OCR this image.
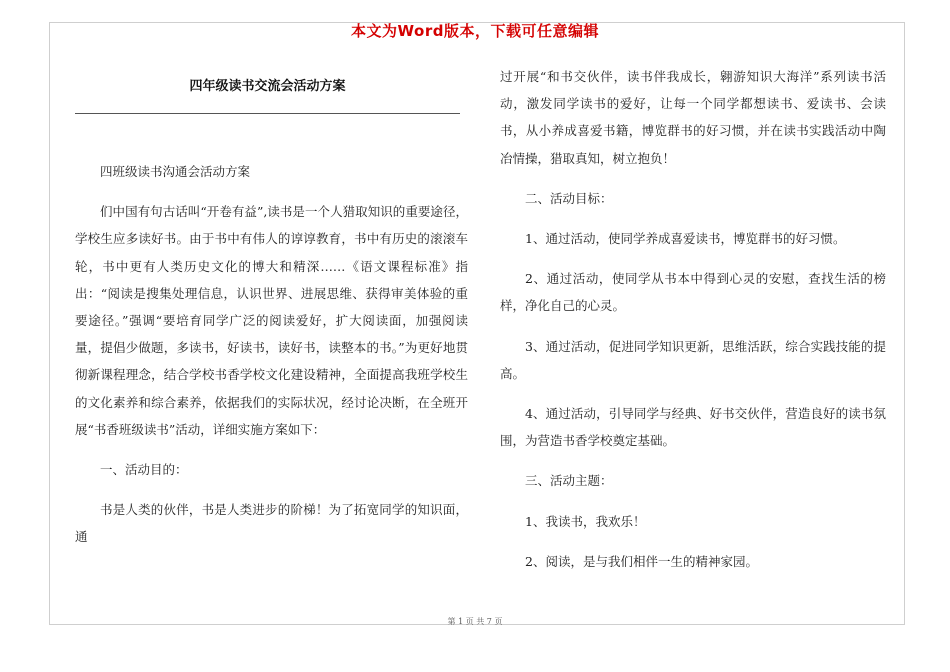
本文为Word版本，下载可任意编辑
四年级读书交流会活动方案

四班级读书沟通会活动方案

们中国有句古话叫“开卷有益”,读书是一个人猎取知识的重要途径，学校生应多读好书。由于书中有伟人的谆谆教育，书中有历史的滚滚车轮，书中更有人类历史文化的博大和精深……《语文课程标准》指出：“阅读是搜集处理信息，认识世界、进展思维、获得审美体验的重要途径。”强调“要培育同学广泛的阅读爱好，扩大阅读面，加强阅读量，提倡少做题，多读书，好读书，读好书，读整本的书。”为更好地贯彻新课程理念，结合学校书香学校文化建设精神，全面提高我班学校生的文化素养和综合素养，依据我们的实际状况，经讨论决断，在全班开展“书香班级读书”活动，详细实施方案如下：

一、活动目的：

书是人类的伙伴，书是人类进步的阶梯！为了拓宽同学的知识面，通

过开展“和书交伙伴，读书伴我成长，翱游知识大海洋”系列读书活动，激发同学读书的爱好，让每一个同学都想读书、爱读书、会读书，从小养成喜爱书籍，博览群书的好习惯，并在读书实践活动中陶冶情操，猎取真知，树立抱负！

二、活动目标：

1、通过活动，使同学养成喜爱读书，博览群书的好习惯。

2、通过活动，使同学从书本中得到心灵的安慰，查找生活的榜样，净化自己的心灵。

3、通过活动，促进同学知识更新，思维活跃，综合实践技能的提高。

4、通过活动，引导同学与经典、好书交伙伴，营造良好的读书氛围，为营造书香学校奠定基础。

三、活动主题：

1、我读书，我欢乐！

2、阅读，是与我们相伴一生的精神家园。

第 1 页 共 7 页
